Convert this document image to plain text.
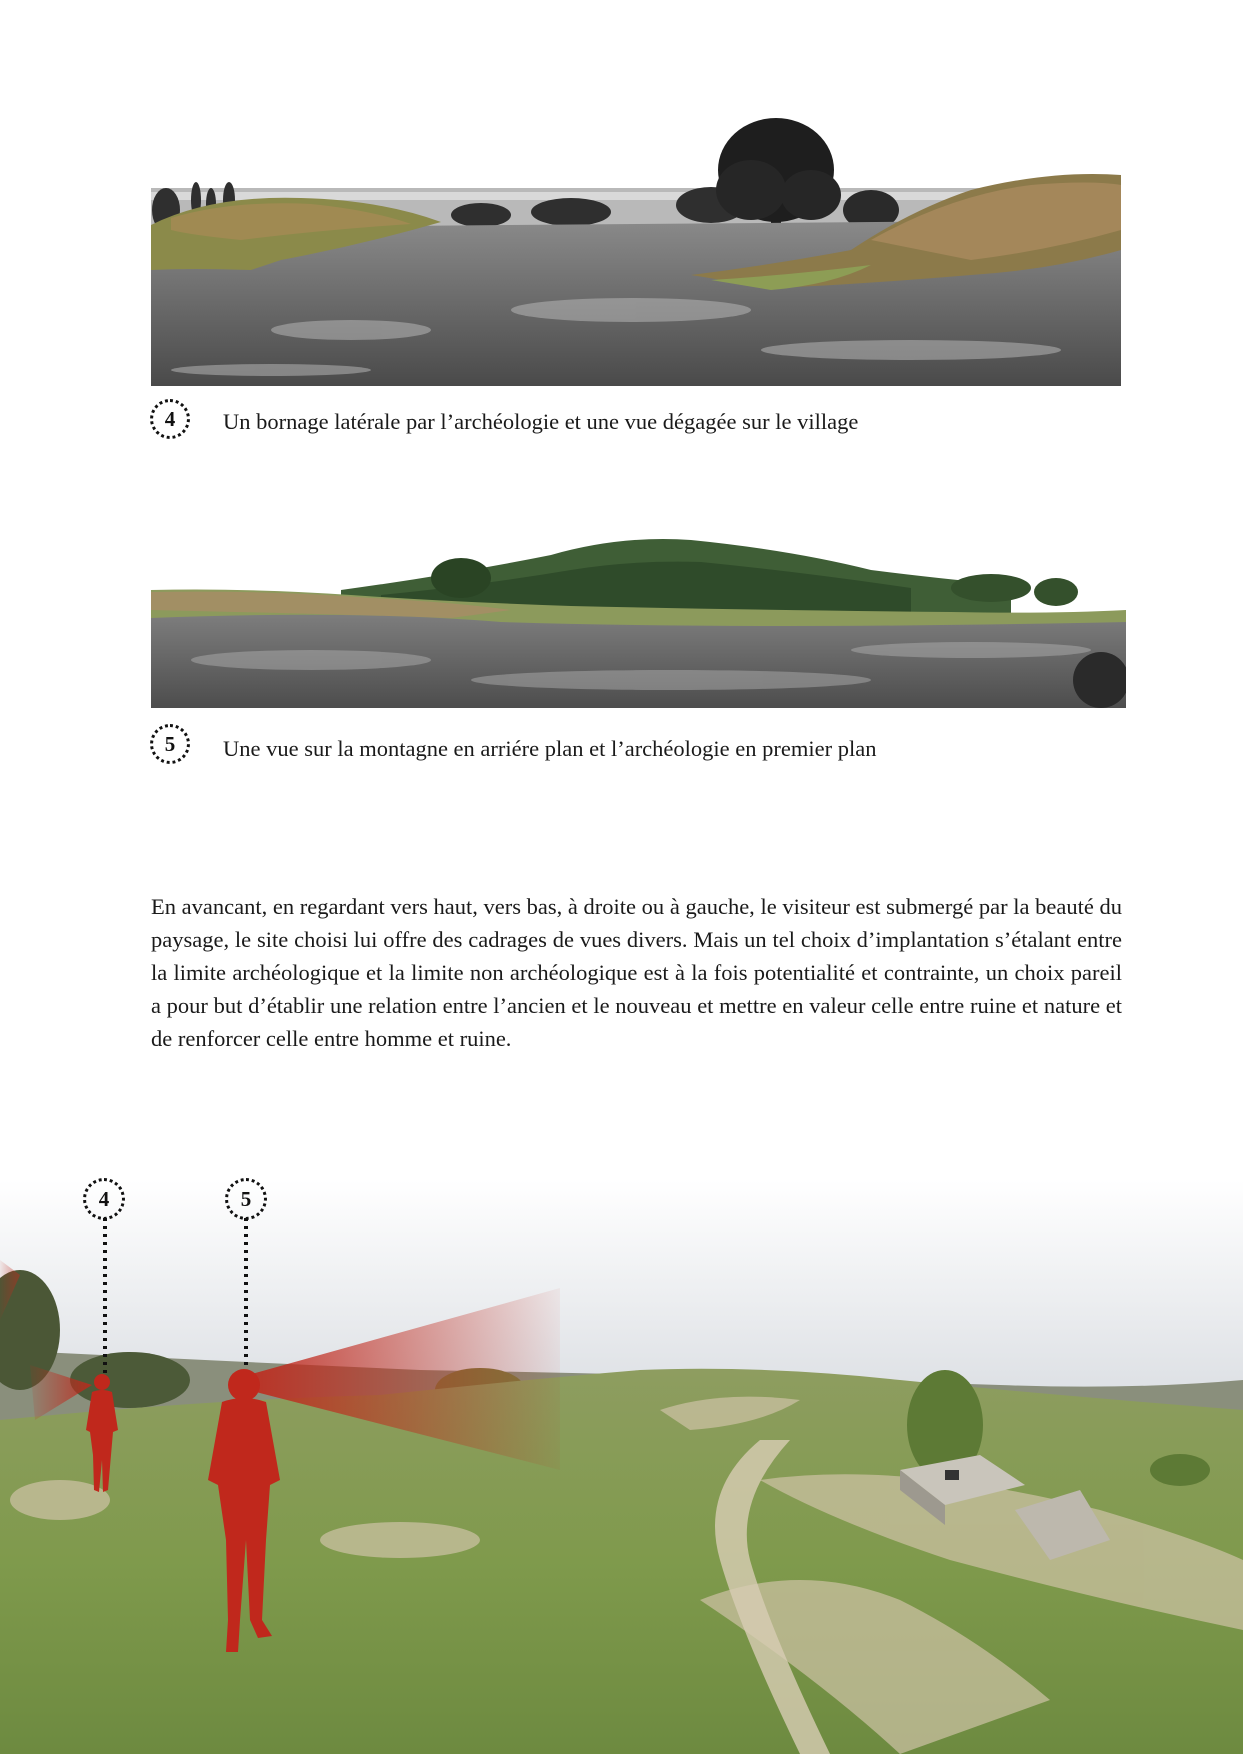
4 Un bornage latérale par l’archéologie et une vue dégagée sur le village
5 Une vue sur la montagne en arriére plan et l’archéologie en premier plan
En avancant, en regardant vers haut, vers bas, à droite ou à gauche, le visiteur est submergé par la beauté du paysage, le site choisi lui offre des cadrages de vues divers. Mais un tel choix d’implantation s’étalant entre la limite archéologique et la limite non archéologique est à la fois potentialité et contrainte, un choix pareil a pour but d’établir une relation entre l’ancien et le nouveau et mettre en valeur celle entre ruine et nature et de renforcer celle entre homme et ruine.
4	5
